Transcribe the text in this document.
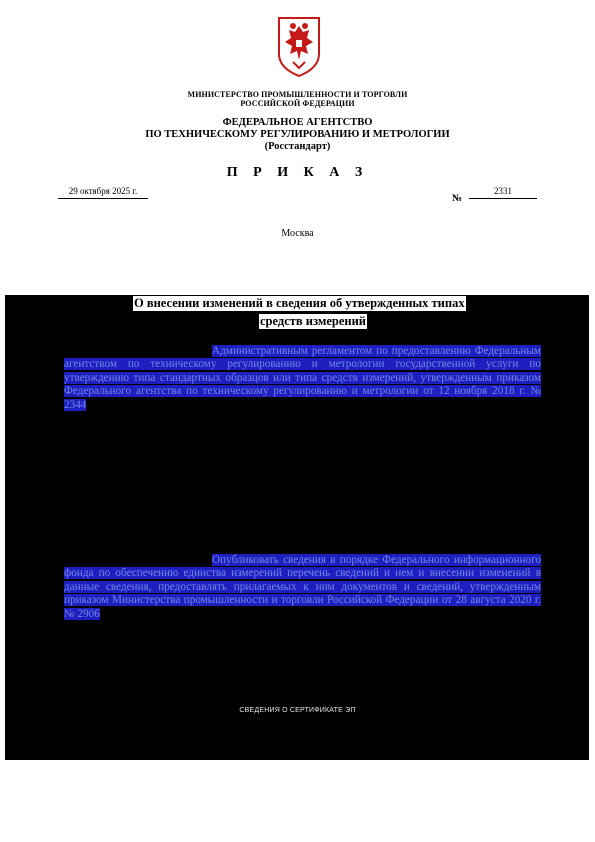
МИНИСТЕРСТВО ПРОМЫШЛЕННОСТИ И ТОРГОВЛИ
РОССИЙСКОЙ ФЕДЕРАЦИИ
ФЕДЕРАЛЬНОЕ АГЕНТСТВО
ПО ТЕХНИЧЕСКОМУ РЕГУЛИРОВАНИЮ И МЕТРОЛОГИИ
(Росстандарт)
П Р И К А З
29 октября 2025 г.
№
2331
Москва
О внесении изменений в сведения об утвержденных типах
средств измерений
Административным регламентом по предоставлению Федеральным агентством по техническому регулированию и метрологии государственной услуги по утверждению типа стандартных образцов или типа средств измерений, утвержденным приказом Федерального агентства по техническому регулированию и метрологии от 12 ноября 2018 г. № 2344
Опубликовать сведения в порядке Федерального информационного фонда по обеспечению единства измерений перечень сведений и нем и внесении изменений в данные сведения, предоставлять прилагаемых к ним документов и сведений, утвержденным приказом Министерства промышленности и торговли Российской Федерации от 28 августа 2020 г. № 2906
СВЕДЕНИЯ О СЕРТИФИКАТЕ ЭП
